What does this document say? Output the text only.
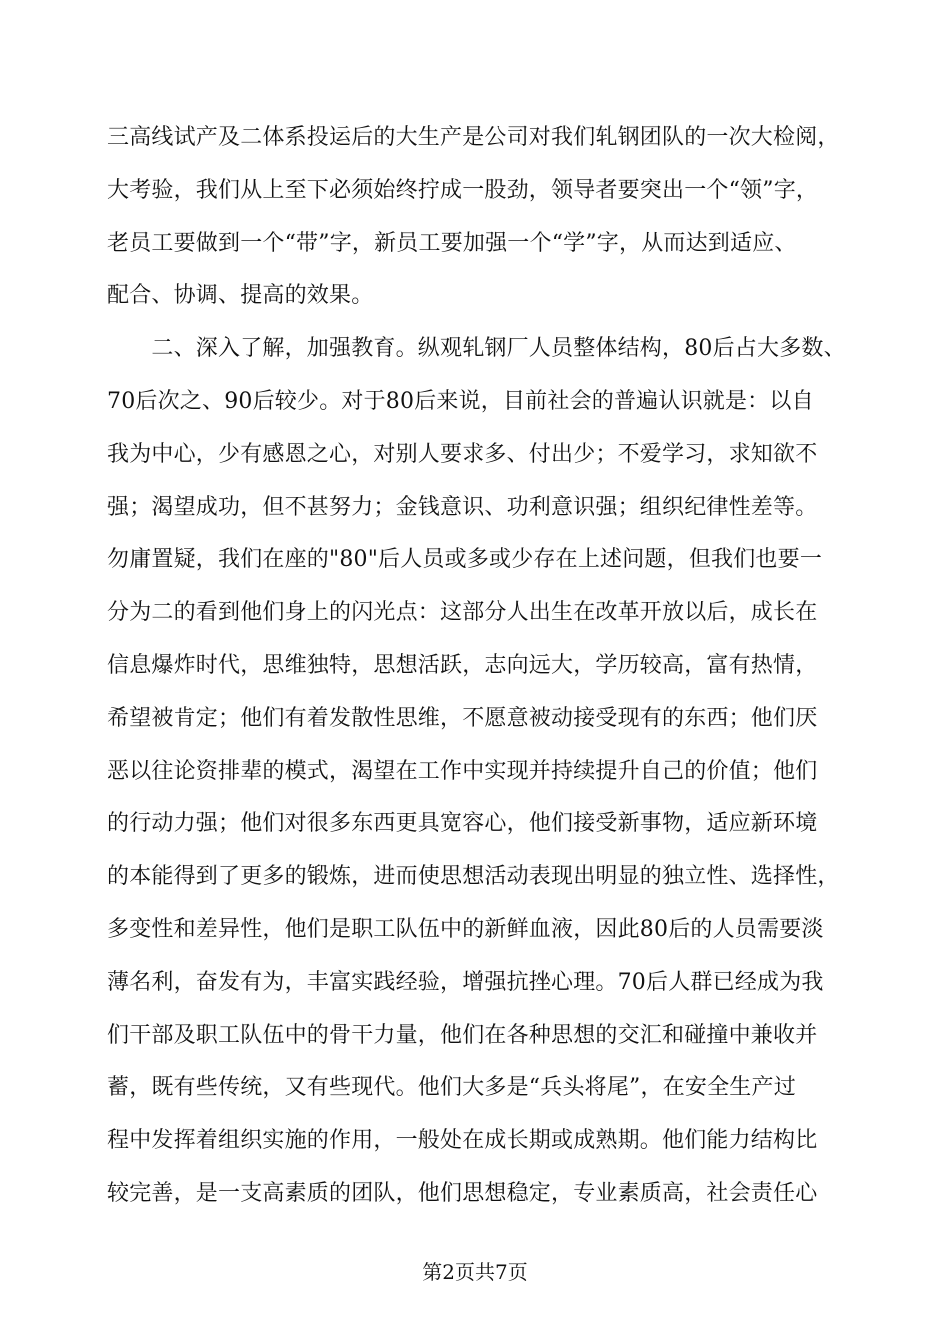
三高线试产及二体系投运后的大生产是公司对我们轧钢团队的一次大检阅，
大考验，我们从上至下必须始终拧成一股劲，领导者要突出一个“领”字，
老员工要做到一个“带”字，新员工要加强一个“学”字，从而达到适应、
配合、协调、提高的效果。
　　二、深入了解，加强教育。纵观轧钢厂人员整体结构，80后占大多数、
70后次之、90后较少。对于80后来说，目前社会的普遍认识就是：以自
我为中心，少有感恩之心，对别人要求多、付出少；不爱学习，求知欲不
强；渴望成功，但不甚努力；金钱意识、功利意识强；组织纪律性差等。
勿庸置疑，我们在座的"80"后人员或多或少存在上述问题，但我们也要一
分为二的看到他们身上的闪光点：这部分人出生在改革开放以后，成长在
信息爆炸时代，思维独特，思想活跃，志向远大，学历较高，富有热情，
希望被肯定；他们有着发散性思维，不愿意被动接受现有的东西；他们厌
恶以往论资排辈的模式，渴望在工作中实现并持续提升自己的价值；他们
的行动力强；他们对很多东西更具宽容心，他们接受新事物，适应新环境
的本能得到了更多的锻炼，进而使思想活动表现出明显的独立性、选择性，
多变性和差异性，他们是职工队伍中的新鲜血液，因此80后的人员需要淡
薄名利，奋发有为，丰富实践经验，增强抗挫心理。70后人群已经成为我
们干部及职工队伍中的骨干力量，他们在各种思想的交汇和碰撞中兼收并
蓄，既有些传统，又有些现代。他们大多是“兵头将尾”，在安全生产过
程中发挥着组织实施的作用，一般处在成长期或成熟期。他们能力结构比
较完善，是一支高素质的团队，他们思想稳定，专业素质高，社会责任心
第2页共7页
